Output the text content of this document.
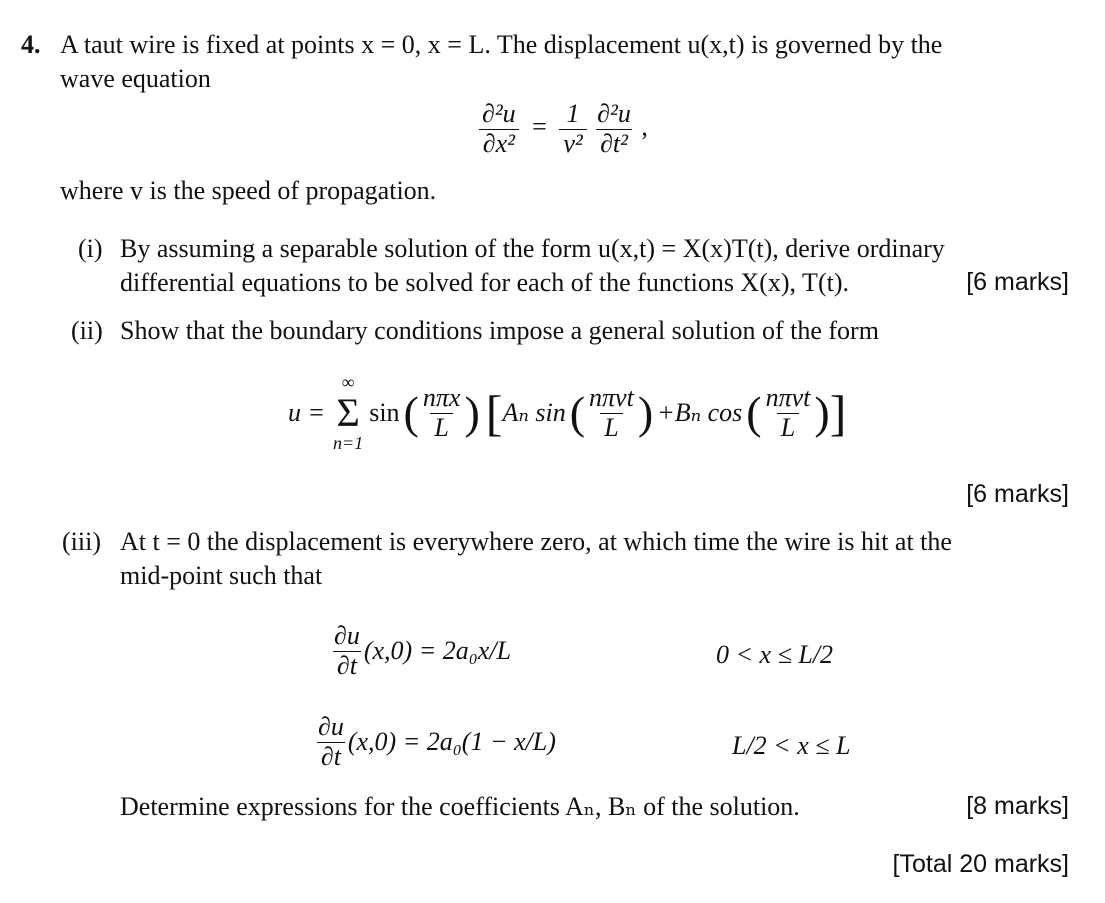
4. A taut wire is fixed at points x = 0, x = L. The displacement u(x,t) is governed by the
wave equation
$\frac{\text{∂²u}}{\text{∂x²}} = \frac{1}{\text{v²}}$
$\frac{\text{∂²u}}{\text{∂t²}}$ ,
where v is the speed of propagation.
(i) By assuming a separable solution of the form u(x,t) = X(x)T(t), derive ordinary
differential equations to be solved for each of the functions X(x), T(t).	[6 marks]
(ii) Show that the boundary conditions impose a general solution of the form
u =
∞
Σ
n=1
sin ( $\frac{\text{nπx}}{L}$ ) [ Aₙ sin ( $\frac{\text{nπvt}}{L}$ ) +Bₙ cos ( $\frac{\text{nπvt}}{L}$ ) ]
[6 marks]
(iii) At t = 0 the displacement is everywhere zero, at which time the wire is hit at the
mid-point such that
$\frac{\partial u}{\partial t} (x,0) = 2a_0x/L$	0 < x ≤ L/2
$\frac{\partial u}{\partial t} (x,0) = 2a_0(1 - x/L)$	L/2 < x ≤ L
Determine expressions for the coefficients Aₙ, Bₙ of the solution.	[8 marks]
[Total 20 marks]
